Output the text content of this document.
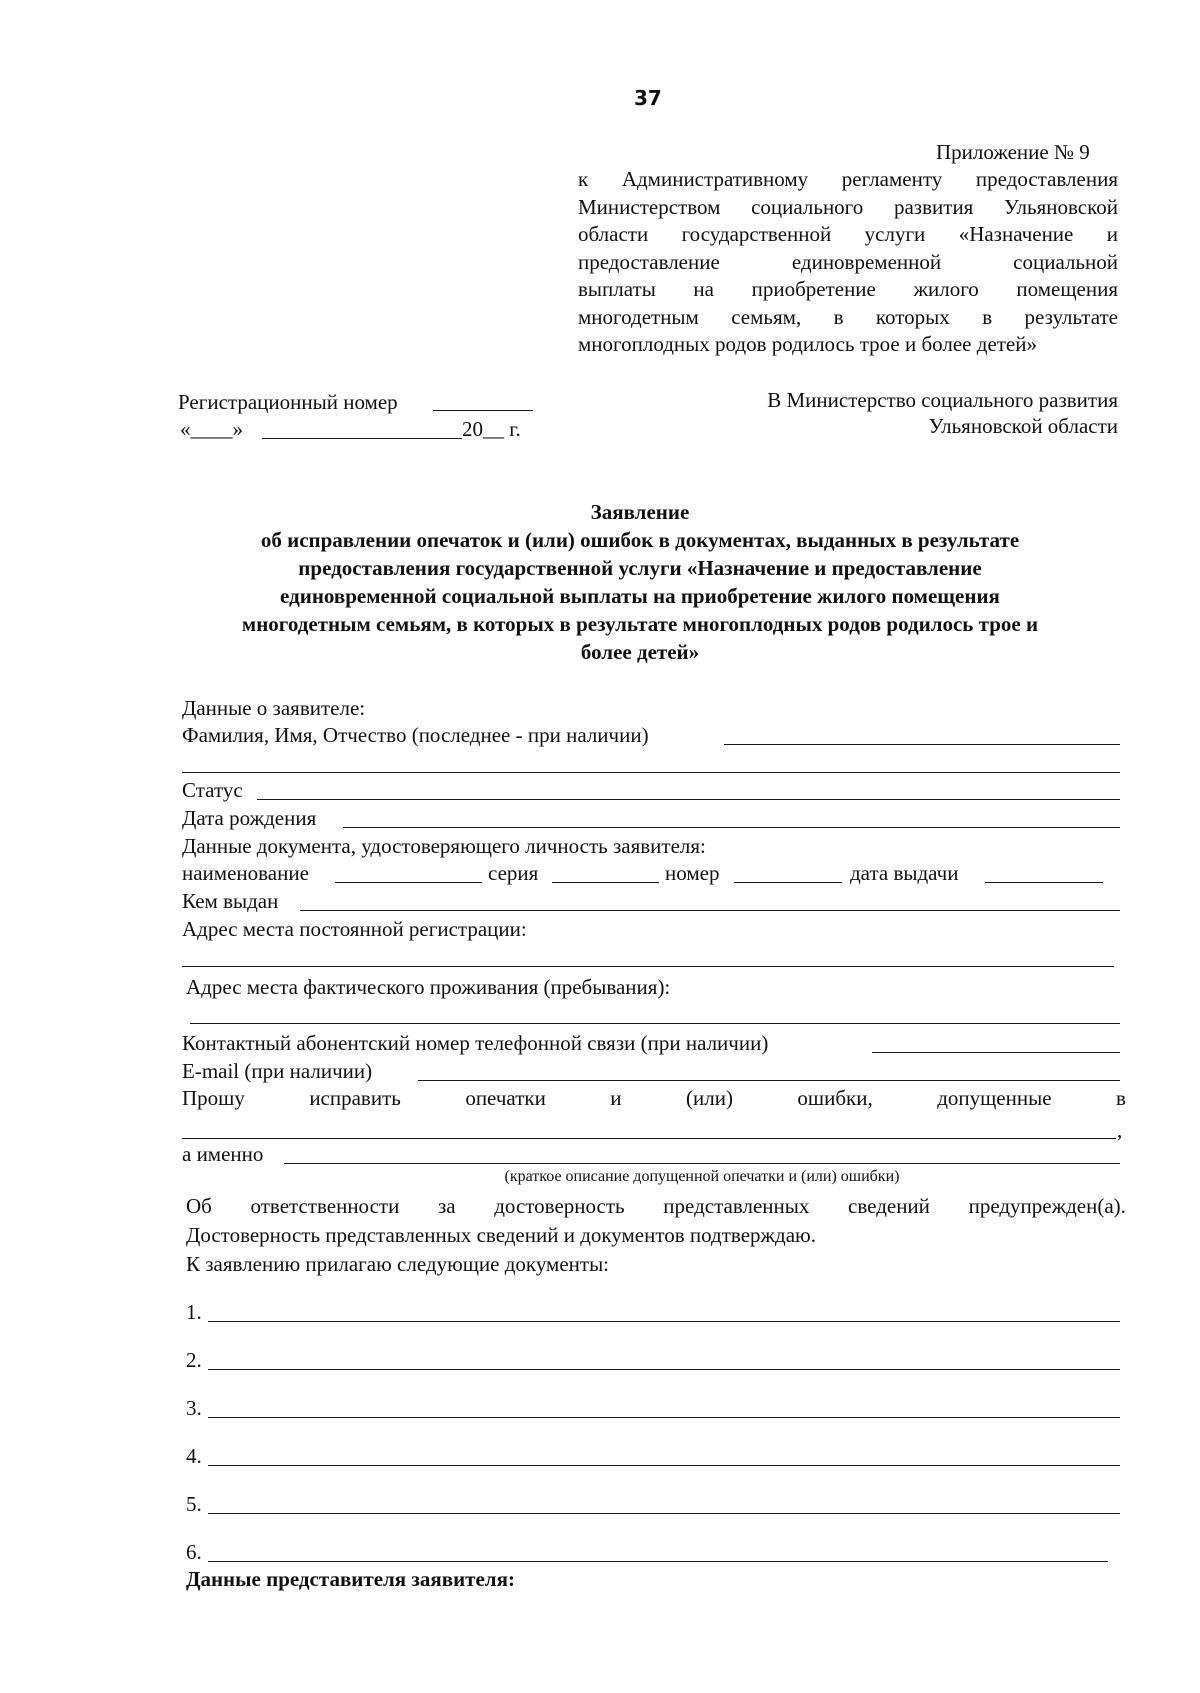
37
Приложение № 9
к Административному регламенту предоставления
Министерством социального развития Ульяновской
области государственной услуги «Назначение и
предоставление единовременной социальной
выплаты на приобретение жилого помещения
многодетным семьям, в которых в результате
многоплодных родов родилось трое и более детей»
Регистрационный номер
«____»	20__ г.
В Министерство социального развития
Ульяновской области
Заявление
об исправлении опечаток и (или) ошибок в документах, выданных в результате
предоставления государственной услуги «Назначение и предоставление
единовременной социальной выплаты на приобретение жилого помещения
многодетным семьям, в которых в результате многоплодных родов родилось трое и
более детей»
Данные о заявителе:
Фамилия, Имя, Отчество (последнее - при наличии)
Статус
Дата рождения
Данные документа, удостоверяющего личность заявителя:
наименование	серия	номер	дата выдачи
Кем выдан
Адрес места постоянной регистрации:
Адрес места фактического проживания (пребывания):
Контактный абонентский номер телефонной связи (при наличии)
E-mail (при наличии)
Прошу	исправить	опечатки	и	(или)	ошибки,	допущенные	в
,
а именно
(краткое описание допущенной опечатки и (или) ошибки)
Об ответственности за достоверность представленных сведений предупрежден(а).
Достоверность представленных сведений и документов подтверждаю.
К заявлению прилагаю следующие документы:
1.
2.
3.
4.
5.
6.
Данные представителя заявителя:
